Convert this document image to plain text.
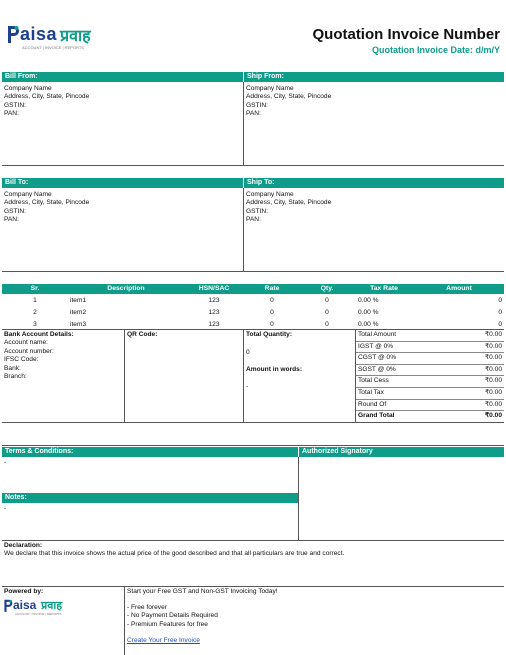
aisa प्रवाह
ACCOUNT | INVOICE | REPORTS
Quotation Invoice Number
Quotation Invoice Date: d/m/Y
Bill From:	Ship From:
Company Name
Address, City, State, Pincode
GSTIN:
PAN:
Company Name
Address, City, State, Pincode
GSTIN:
PAN:
Bill To:	Ship To:
Company Name
Address, City, State, Pincode
GSTIN:
PAN:
Company Name
Address, City, State, Pincode
GSTIN:
PAN:
Sr.	Description	HSN/SAC	Rate	Qty.	Tax Rate	Amount
1	item1	123	0	0	0.00 %	0
2	item2	123	0	0	0.00 %	0
3	item3	123	0	0	0.00 %	0
Bank Account Details:
Account name:
Account number:
IFSC Code:
Bank:
Branch:
QR Code:	Total Quantity:
0
Amount in words:
-
Total Amount	₹0.00
IGST @ 0%	₹0.00
CGST @ 0%	₹0.00
SGST @ 0%	₹0.00
Total Cess	₹0.00
Total Tax	₹0.00
Round Of	₹0.00
Grand Total	₹0.00
Terms & Conditions:	Authorized Signatory
-
Notes:
-
Declaration:
We declare that this invoice shows the actual price of the good described and that all particulars are true and correct.
Powered by:
aisa प्रवाह
ACCOUNT | INVOICE | REPORTS
Start your Free GST and Non-GST Invoicing Today!
- Free forever
- No Payment Details Required
- Premium Features for free
Create Your Free Invoice
